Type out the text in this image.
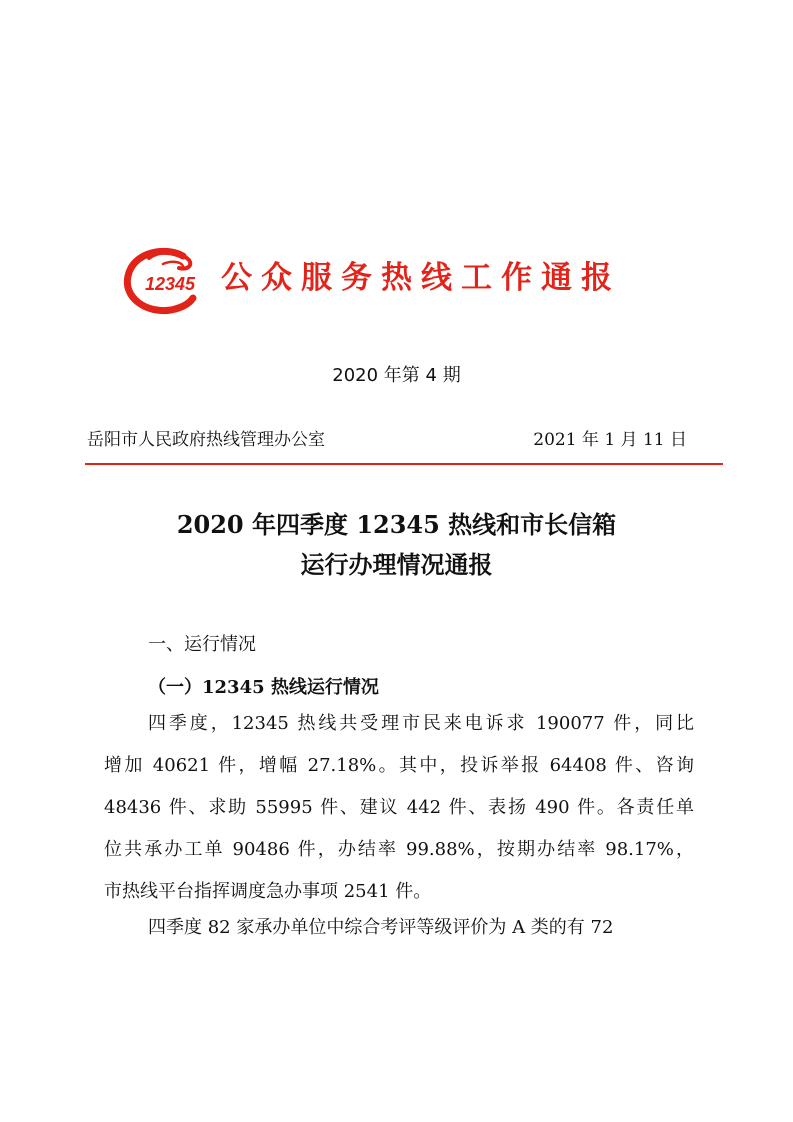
12345 公众服务热线工作通报
2020 年第 4 期
岳阳市人民政府热线管理办公室	2021 年 1 月 11 日
2020 年四季度 12345 热线和市长信箱
运行办理情况通报
一、运行情况
（一）12345 热线运行情况
四季度，12345 热线共受理市民来电诉求 190077 件，同比
增加 40621 件，增幅 27.18%。其中，投诉举报 64408 件、咨询
48436 件、求助 55995 件、建议 442 件、表扬 490 件。各责任单
位共承办工单 90486 件，办结率 99.88%，按期办结率 98.17%，
市热线平台指挥调度急办事项 2541 件。
四季度 82 家承办单位中综合考评等级评价为 A 类的有 72
